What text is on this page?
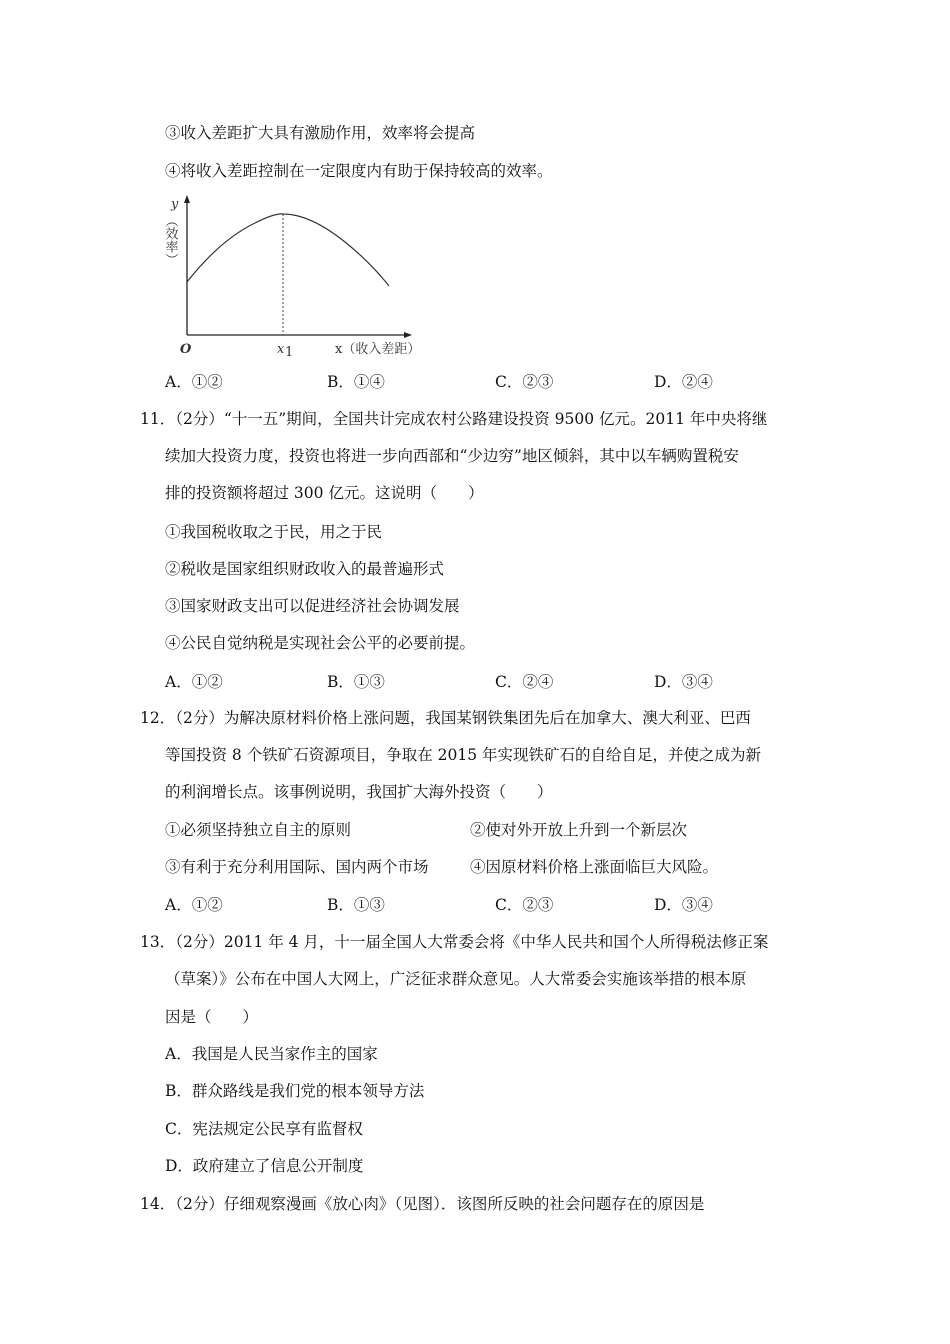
③收入差距扩大具有激励作用，效率将会提高
④将收入差距控制在一定限度内有助于保持较高的效率。
y
（效率）
O	x 1	x（收入差距）
A．①②	B．①④	C．②③	D．②④
11．（2分）“十一五”期间，全国共计完成农村公路建设投资 9500 亿元。2011 年中央将继
续加大投资力度，投资也将进一步向西部和“少边穷”地区倾斜，其中以车辆购置税安
排的投资额将超过 300 亿元。这说明（　　）
①我国税收取之于民，用之于民
②税收是国家组织财政收入的最普遍形式
③国家财政支出可以促进经济社会协调发展
④公民自觉纳税是实现社会公平的必要前提。
A．①②	B．①③	C．②④	D．③④
12．（2分）为解决原材料价格上涨问题，我国某钢铁集团先后在加拿大、澳大利亚、巴西
等国投资 8 个铁矿石资源项目，争取在 2015 年实现铁矿石的自给自足，并使之成为新
的利润增长点。该事例说明，我国扩大海外投资（　　）
①必须坚持独立自主的原则	②使对外开放上升到一个新层次
③有利于充分利用国际、国内两个市场	④因原材料价格上涨面临巨大风险。
A．①②	B．①③	C．②③	D．③④
13．（2分）2011 年 4 月，十一届全国人大常委会将《中华人民共和国个人所得税法修正案
（草案）》公布在中国人大网上，广泛征求群众意见。人大常委会实施该举措的根本原
因是（　　）
A．我国是人民当家作主的国家
B．群众路线是我们党的根本领导方法
C．宪法规定公民享有监督权
D．政府建立了信息公开制度
14．（2分）仔细观察漫画《放心肉》（见图）．该图所反映的社会问题存在的原因是
